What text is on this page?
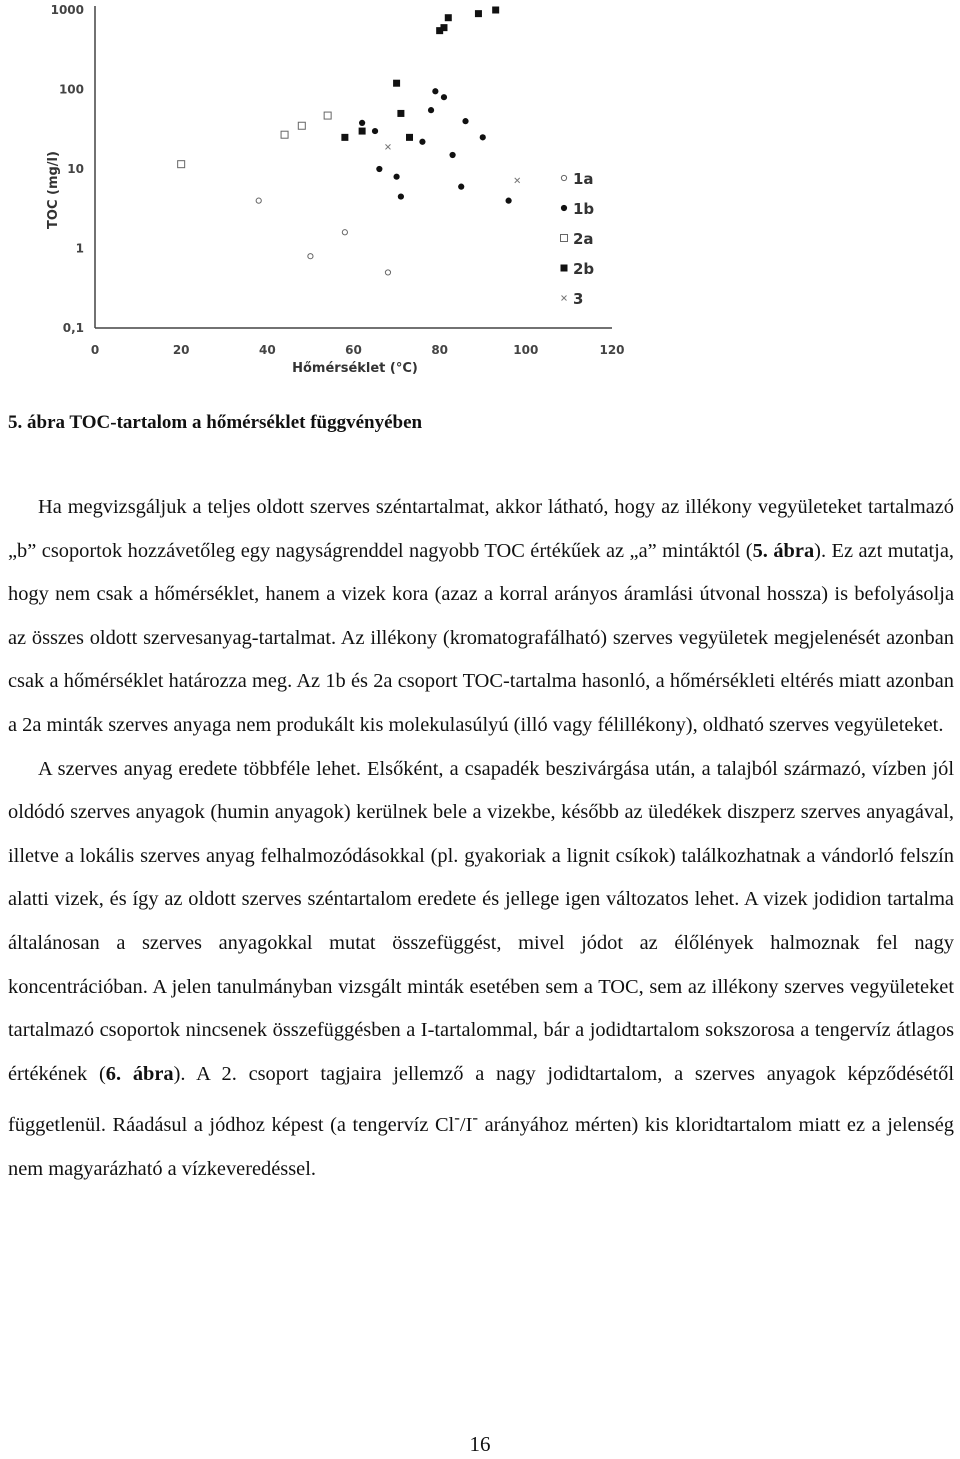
0	20	40	60	80	100	120
0,1
1
10
100
1000
1a
1b
2a
2b
3
TOC (mg/l)
Hőmérséklet (°C)
5. ábra TOC-tartalom a hőmérséklet függvényében

Ha megvizsgáljuk a teljes oldott szerves széntartalmat, akkor látható, hogy az illékony vegyületeket tartalmazó „b” csoportok hozzávetőleg egy nagyságrenddel nagyobb TOC értékűek az „a” mintáktól (5. ábra). Ez azt mutatja, hogy nem csak a hőmérséklet, hanem a vizek kora (azaz a korral arányos áramlási útvonal hossza) is befolyásolja az összes oldott szervesanyag-tartalmat. Az illékony (kromatografálható) szerves vegyületek megjelenését azonban csak a hőmérséklet határozza meg. Az 1b és 2a csoport TOC-tartalma hasonló, a hőmérsékleti eltérés miatt azonban a 2a minták szerves anyaga nem produkált kis molekulasúlyú (illó vagy félillékony), oldható szerves vegyületeket.

A szerves anyag eredete többféle lehet. Elsőként, a csapadék beszivárgása után, a talajból származó, vízben jól oldódó szerves anyagok (humin anyagok) kerülnek bele a vizekbe, később az üledékek diszperz szerves anyagával, illetve a lokális szerves anyag felhalmozódásokkal (pl. gyakoriak a lignit csíkok) találkozhatnak a vándorló felszín alatti vizek, és így az oldott szerves széntartalom eredete és jellege igen változatos lehet. A vizek jodidion tartalma általánosan a szerves anyagokkal mutat összefüggést, mivel jódot az élőlények halmoznak fel nagy koncentrációban. A jelen tanulmányban vizsgált minták esetében sem a TOC, sem az illékony szerves vegyületeket tartalmazó csoportok nincsenek összefüggésben a I-tartalommal, bár a jodidtartalom sokszorosa a tengervíz átlagos értékének (6. ábra). A 2. csoport tagjaira jellemző a nagy jodidtartalom, a szerves anyagok képződésétől függetlenül. Ráadásul a jódhoz képest (a tengervíz Cl-/I- arányához mérten) kis kloridtartalom miatt ez a jelenség nem magyarázható a vízkeveredéssel.

16
